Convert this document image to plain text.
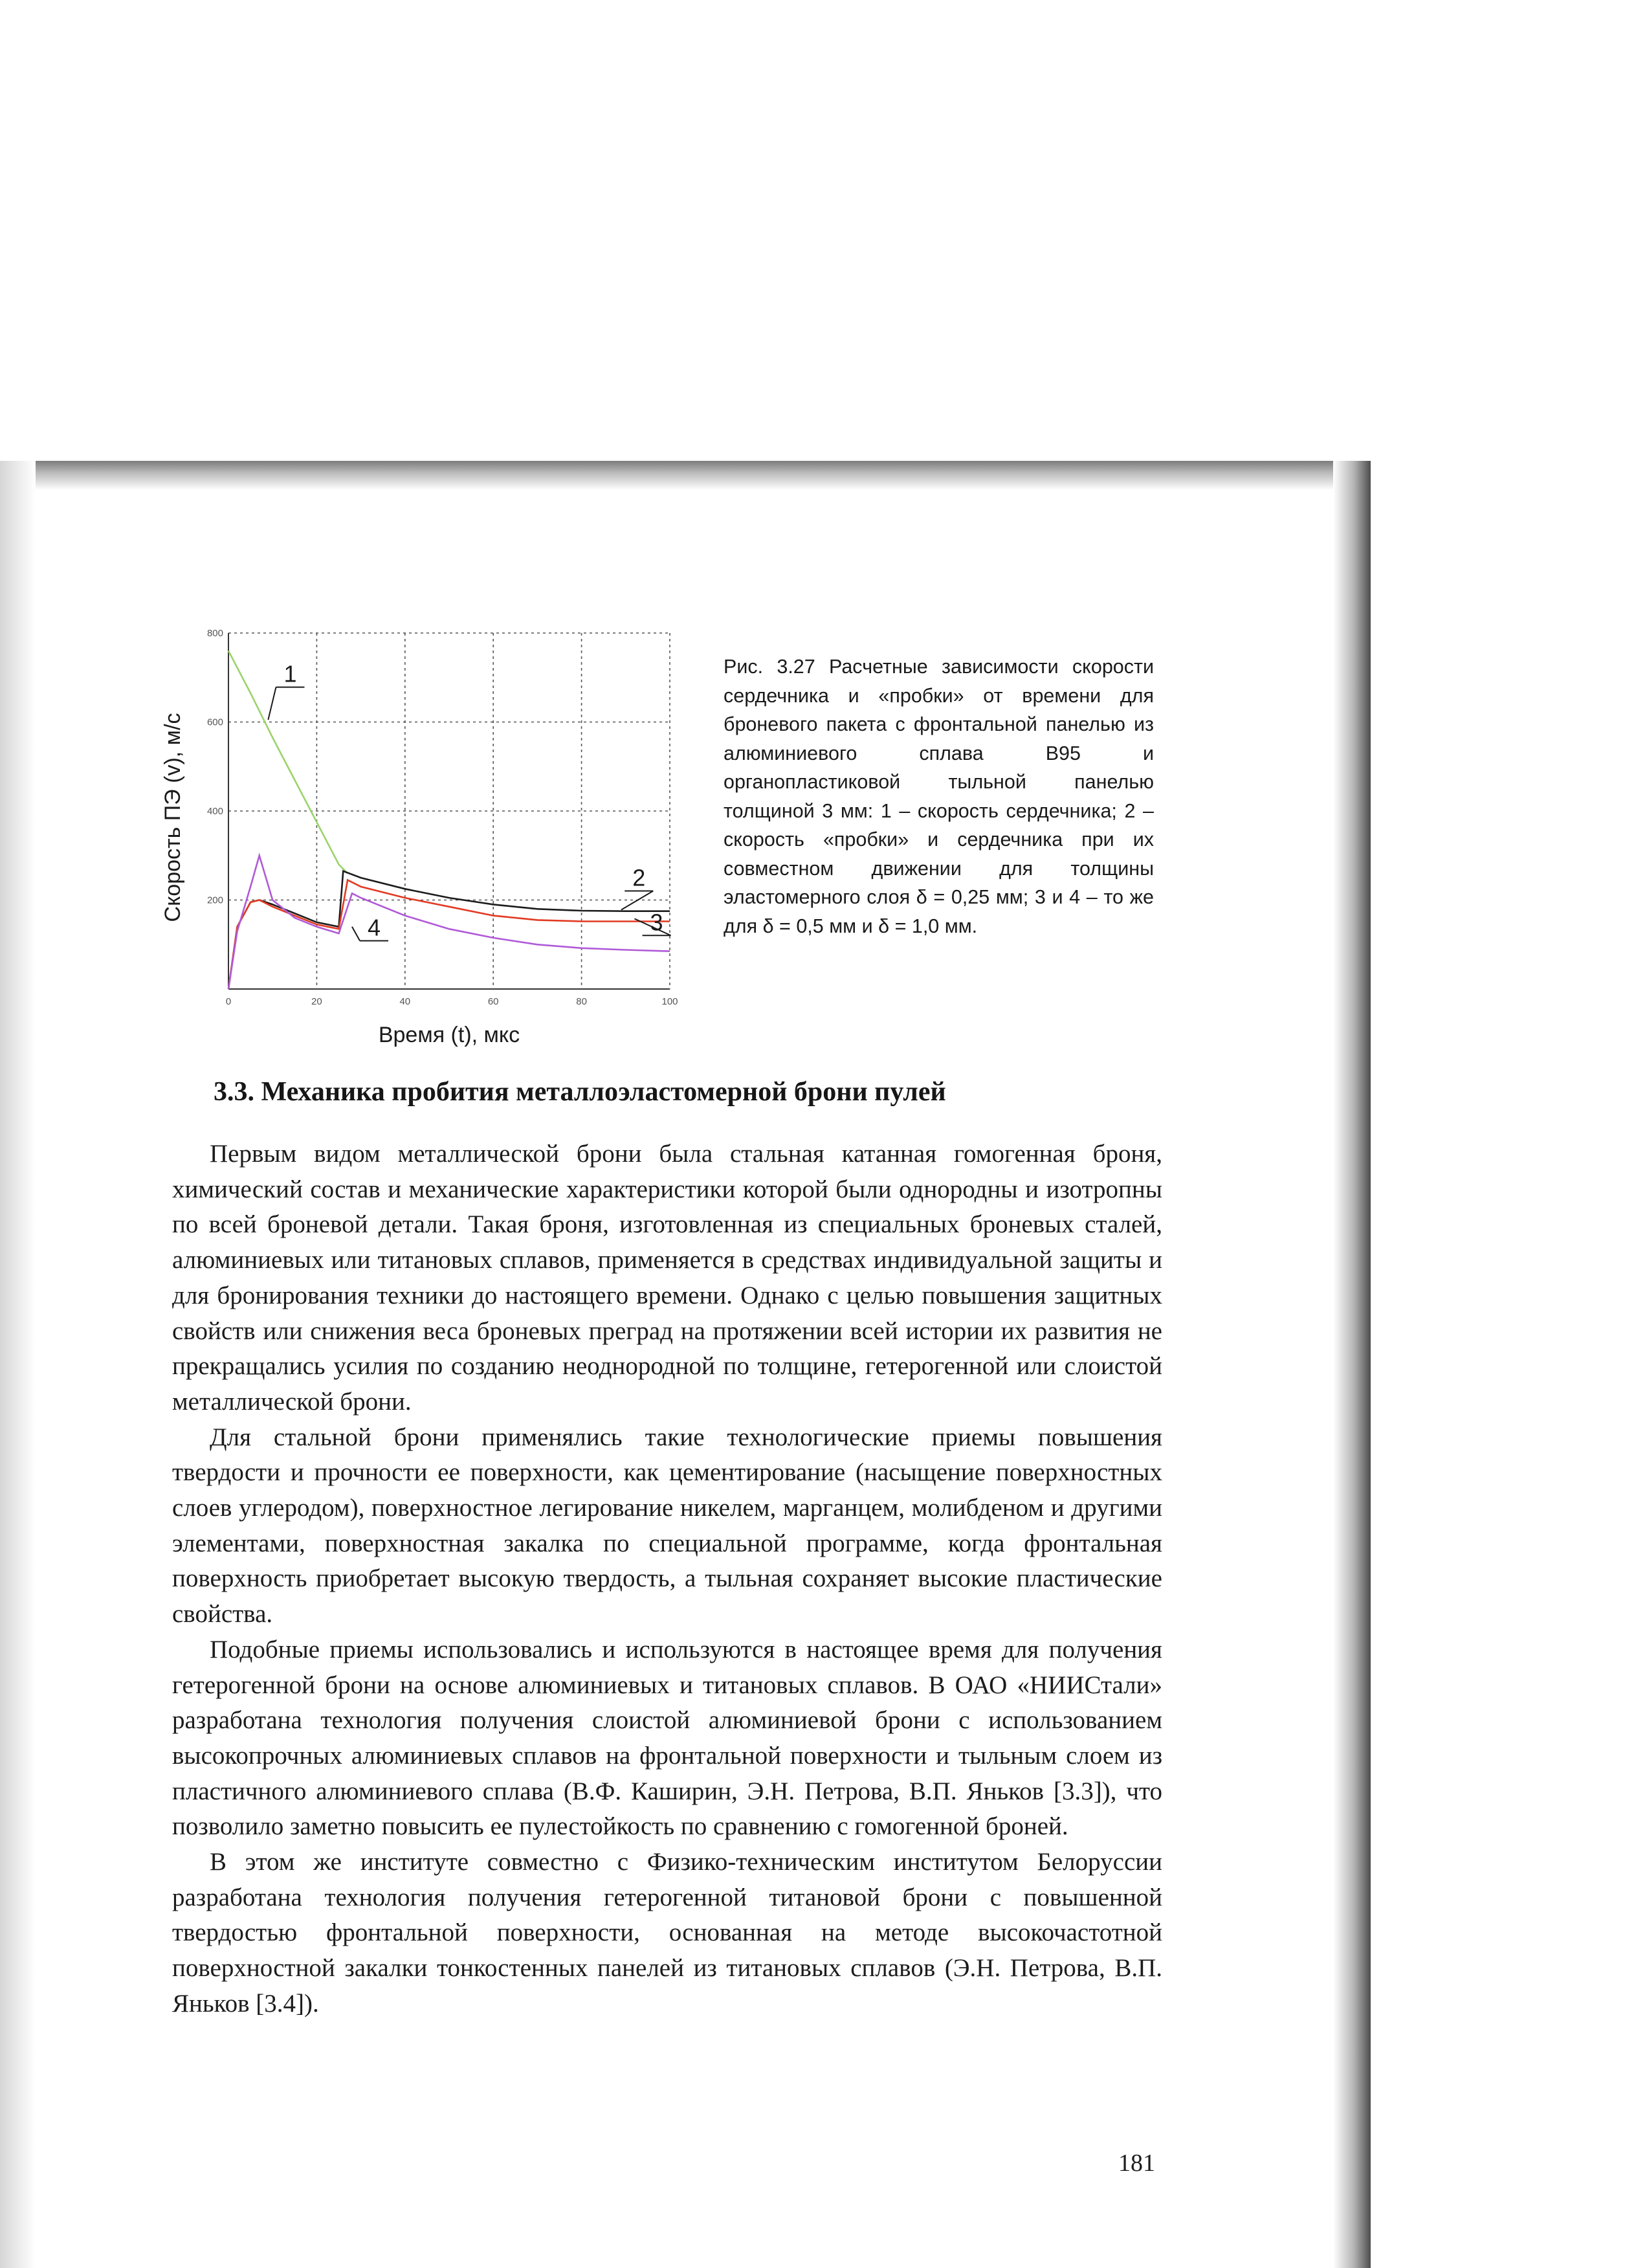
0	20	40	60	80	100
200
400
600
800
Время (t), мкс
Скорость ПЭ (v), м/с
1
2
3
4

Рис. 3.27 Расчетные зависимости скорости сердечника и «пробки» от времени для броневого пакета с фронтальной панелью из алюминиевого сплава В95 и органопластиковой тыльной панелью толщиной 3 мм: 1 – скорость сердечника; 2 – скорость «пробки» и сердечника при их совместном движении для толщины эластомерного слоя δ = 0,25 мм; 3 и 4 – то же для δ = 0,5 мм и δ = 1,0 мм.

3.3. Механика пробития металлоэластомерной брони пулей

Первым видом металлической брони была стальная катанная гомогенная броня, химический состав и механические характеристики которой были однородны и изотропны по всей броневой детали. Такая броня, изготовленная из специальных броневых сталей, алюминиевых или титановых сплавов, применяется в средствах индивидуальной защиты и для бронирования техники до настоящего времени. Однако с целью повышения защитных свойств или снижения веса броневых преград на протяжении всей истории их развития не прекращались усилия по созданию неоднородной по толщине, гетерогенной или слоистой металлической брони.

Для стальной брони применялись такие технологические приемы повышения твердости и прочности ее поверхности, как цементирование (насыщение поверхностных слоев углеродом), поверхностное легирование никелем, марганцем, молибденом и другими элементами, поверхностная закалка по специальной программе, когда фронтальная поверхность приобретает высокую твердость, а тыльная сохраняет высокие пластические свойства.

Подобные приемы использовались и используются в настоящее время для получения гетерогенной брони на основе алюминиевых и титановых сплавов. В ОАО «НИИСтали» разработана технология получения слоистой алюминиевой брони с использованием высокопрочных алюминиевых сплавов на фронтальной поверхности и тыльным слоем из пластичного алюминиевого сплава (В.Ф. Каширин, Э.Н. Петрова, В.П. Яньков [3.3]), что позволило заметно повысить ее пулестойкость по сравнению с гомогенной броней.

В этом же институте совместно с Физико-техническим институтом Белоруссии разработана технология получения гетерогенной титановой брони с повышенной твердостью фронтальной поверхности, основанная на методе высокочастотной поверхностной закалки тонкостенных панелей из титановых сплавов (Э.Н. Петрова, В.П. Яньков [3.4]).

181
